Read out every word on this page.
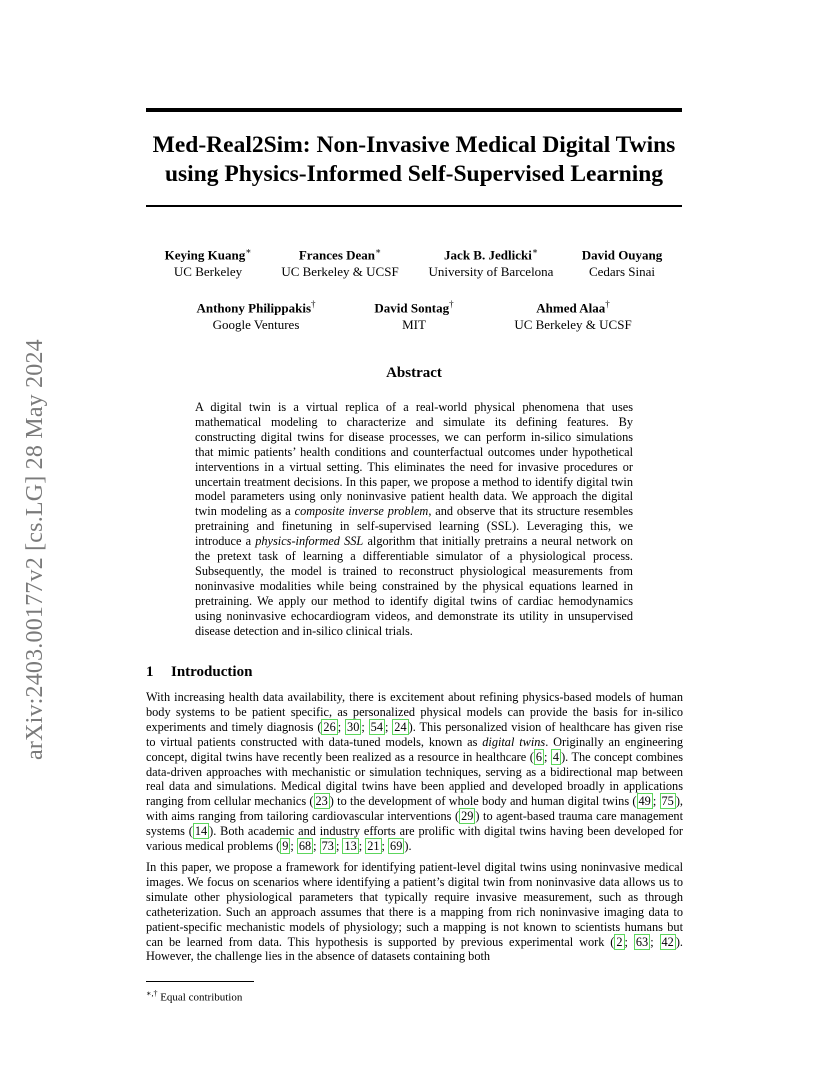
arXiv:2403.00177v2 [cs.LG] 28 May 2024
Med-Real2Sim: Non-Invasive Medical Digital Twins
using Physics-Informed Self-Supervised Learning
Keying Kuang∗
UC Berkeley
Frances Dean∗
UC Berkeley & UCSF
Jack B. Jedlicki∗
University of Barcelona
David Ouyang
Cedars Sinai
Anthony Philippakis†
Google Ventures
David Sontag†
MIT
Ahmed Alaa†
UC Berkeley & UCSF
Abstract

A digital twin is a virtual replica of a real-world physical phenomena that uses mathematical modeling to characterize and simulate its defining features. By constructing digital twins for disease processes, we can perform in-silico simulations that mimic patients’ health conditions and counterfactual outcomes under hypothetical interventions in a virtual setting. This eliminates the need for invasive procedures or uncertain treatment decisions. In this paper, we propose a method to identify digital twin model parameters using only noninvasive patient health data. We approach the digital twin modeling as a composite inverse problem, and observe that its structure resembles pretraining and finetuning in self-supervised learning (SSL). Leveraging this, we introduce a physics-informed SSL algorithm that initially pretrains a neural network on the pretext task of learning a differentiable simulator of a physiological process. Subsequently, the model is trained to reconstruct physiological measurements from noninvasive modalities while being constrained by the physical equations learned in pretraining. We apply our method to identify digital twins of cardiac hemodynamics using noninvasive echocardiogram videos, and demonstrate its utility in unsupervised disease detection and in-silico clinical trials.

1 Introduction

With increasing health data availability, there is excitement about refining physics-based models of human body systems to be patient specific, as personalized physical models can provide the basis for in-silico experiments and timely diagnosis ( 26 ; 30 ; 54 ; 24 ). This personalized vision of healthcare has given rise to virtual patients constructed with data-tuned models, known as digital twins. Originally an engineering concept, digital twins have recently been realized as a resource in healthcare ( 6 ; 4 ). The concept combines data-driven approaches with mechanistic or simulation techniques, serving as a bidirectional map between real data and simulations. Medical digital twins have been applied and developed broadly in applications ranging from cellular mechanics ( 23 ) to the development of whole body and human digital twins ( 49 ; 75 ), with aims ranging from tailoring cardiovascular interventions ( 29 ) to agent-based trauma care management systems ( 14 ). Both academic and industry efforts are prolific with digital twins having been developed for various medical problems ( 9 ; 68 ; 73 ; 13 ; 21 ; 69 ).

In this paper, we propose a framework for identifying patient-level digital twins using noninvasive medical images. We focus on scenarios where identifying a patient’s digital twin from noninvasive data allows us to simulate other physiological parameters that typically require invasive measurement, such as through catheterization. Such an approach assumes that there is a mapping from rich noninvasive imaging data to patient-specific mechanistic models of physiology; such a mapping is not known to scientists humans but can be learned from data. This hypothesis is supported by previous experimental work ( 2 ; 63 ; 42 ). However, the challenge lies in the absence of datasets containing both

∗,† Equal contribution
